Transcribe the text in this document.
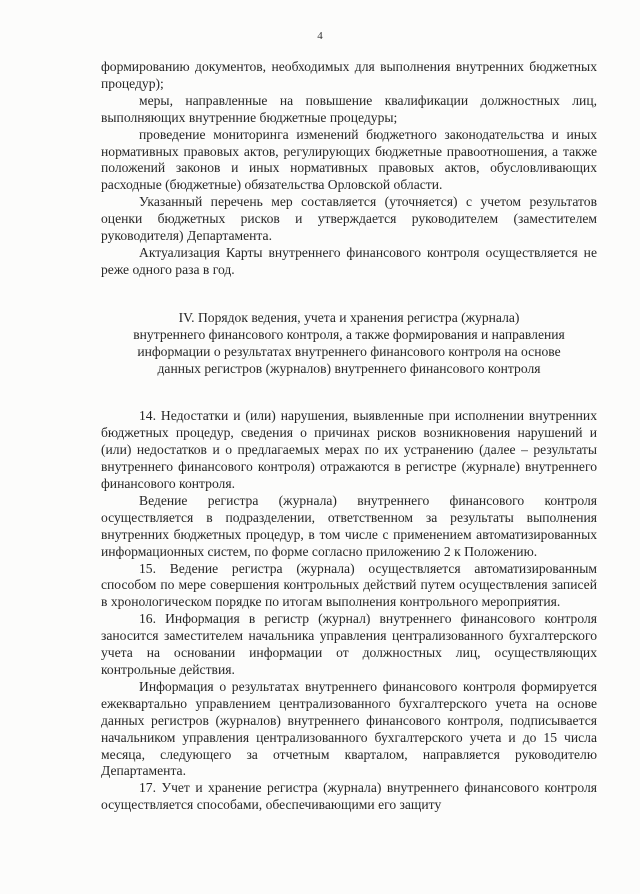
4

формированию документов, необходимых для выполнения внутренних бюджетных процедур);

меры, направленные на повышение квалификации должностных лиц, выполняющих внутренние бюджетные процедуры;

проведение мониторинга изменений бюджетного законодательства и иных нормативных правовых актов, регулирующих бюджетные правоотношения, а также положений законов и иных нормативных правовых актов, обусловливающих расходные (бюджетные) обязательства Орловской области.

Указанный перечень мер составляется (уточняется) с учетом результатов оценки бюджетных рисков и утверждается руководителем (заместителем руководителя) Департамента.

Актуализация Карты внутреннего финансового контроля осуществляется не реже одного раза в год.

IV. Порядок ведения, учета и хранения регистра (журнала)
внутреннего финансового контроля, а также формирования и направления
информации о результатах внутреннего финансового контроля на основе
данных регистров (журналов) внутреннего финансового контроля

14. Недостатки и (или) нарушения, выявленные при исполнении внутренних бюджетных процедур, сведения о причинах рисков возникновения нарушений и (или) недостатков и о предлагаемых мерах по их устранению (далее – результаты внутреннего финансового контроля) отражаются в регистре (журнале) внутреннего финансового контроля.

Ведение регистра (журнала) внутреннего финансового контроля осуществляется в подразделении, ответственном за результаты выполнения внутренних бюджетных процедур, в том числе с применением автоматизированных информационных систем, по форме согласно приложению 2 к Положению.

15. Ведение регистра (журнала) осуществляется автоматизированным способом по мере совершения контрольных действий путем осуществления записей в хронологическом порядке по итогам выполнения контрольного мероприятия.

16. Информация в регистр (журнал) внутреннего финансового контроля заносится заместителем начальника управления централизованного бухгалтерского учета на основании информации от должностных лиц, осуществляющих контрольные действия.

Информация о результатах внутреннего финансового контроля формируется ежеквартально управлением централизованного бухгалтерского учета на основе данных регистров (журналов) внутреннего финансового контроля, подписывается начальником управления централизованного бухгалтерского учета и до 15 числа месяца, следующего за отчетным кварталом, направляется руководителю Департамента.

17. Учет и хранение регистра (журнала) внутреннего финансового контроля осуществляется способами, обеспечивающими его защиту
